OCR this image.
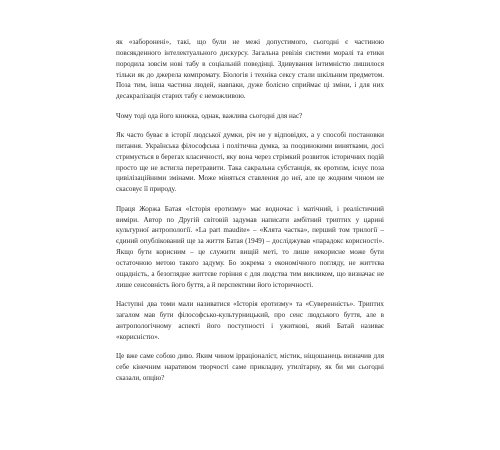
як «заборонені», такі, що були не межі допустимого, сьогодні є частиною повсякденного інтелектуального дискурсу. Загальна ревізія системи моралі та етики породила зовсім нові табу в соціальній поведінці. Здивування інтимністю лишилося тільки як до джерела компромату. Біологія і техніка сексу стали шкільним предметом. Поза тим, інша частина людей, навпаки, дуже болісно сприймає ці зміни, і для них десакралізація старих табу є неможливою.

Чому тоді ода його книжка, однак, важлива сьогодні для нас?

Як часто буває в історії людської думки, річ не у відповідях, а у способі постановки питання. Українська філософська і політична думка, за поодинокими винятками, досі стримується в берегах класичності, яку вона через стрімкий розвиток історичних подій просто ще не встигла перетравити. Така сакральна субстанція, як еротизм, існує поза цивілізаційними змінами. Може міняться ставлення до неї, але це жодним чином не скасовує її природу.

Праця Жоржа Батая «Історія еротизму» має водночас і матічний, і реалістичний виміри. Автор по Другій світовій задумав написати амбітний триптих у царині культурної антропології. «La part maudite» – «Клята частка», перший том трилогії – єдиний опублікований ще за життя Батая (1949) – досліджував «парадокс корисності». Якщо бути корисним – це служити вищій меті, то лише некорисне може бути остаточною метою такого задуму. Бо зокрема з економічного погляду, не життєва ощадність, а безоглядне життєве горіння є для людства тим викликом, що визначає не лише сенсовність його буття, а й перспективи його історичності.

Наступні два томи мали називатися «Історія еротизму» та «Суверенність». Триптих загалом мав бути філософсько-культурницький, про сенс людського буття, але в антропологічному аспекті його поступності і ужиткові, який Батай називає «корисністю».

Це вже саме собою диво. Яким чином ірраціоналіст, містик, ніщошанець визначив для себе кінечним наративом творчості саме прикладну, утилітарну, як би ми сьогодні сказали, опцію?
